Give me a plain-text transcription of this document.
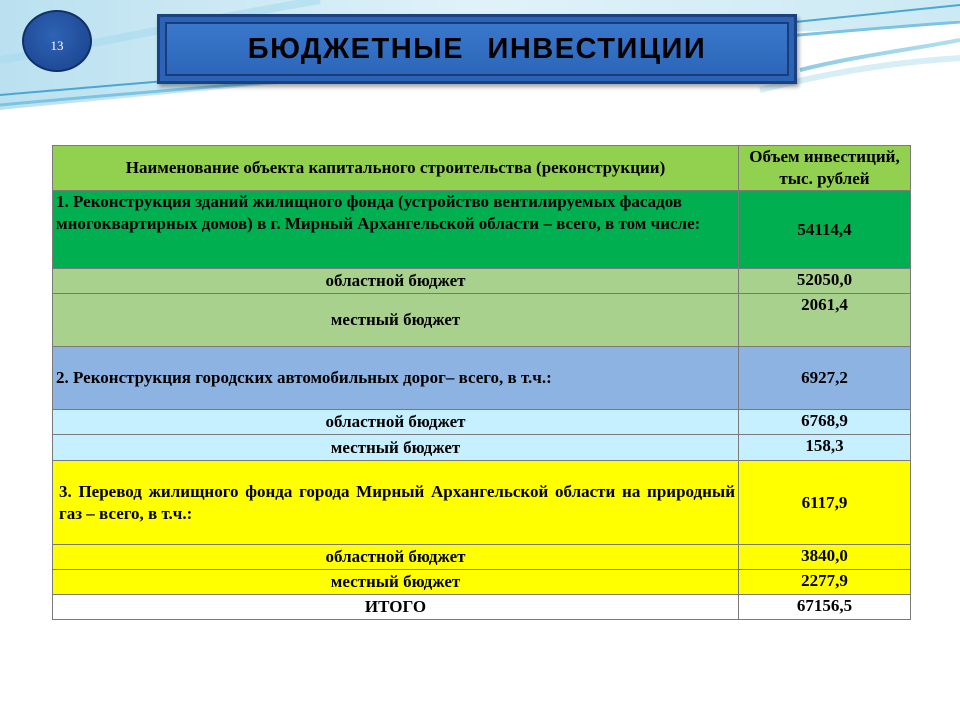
13	БЮДЖЕТНЫЕ ИНВЕСТИЦИИ
Наименование объекта капитального строительства (реконструкции)	Объем инвестиций, тыс. рублей
1. Реконструкция зданий жилищного фонда (устройство вентилируемых фасадов многоквартирных домов) в г. Мирный Архангельской области – всего, в том числе:	54114,4
областной бюджет	52050,0
местный бюджет	2061,4
2. Реконструкция городских автомобильных дорог– всего, в т.ч.:	6927,2
областной бюджет	6768,9
местный бюджет	158,3
3. Перевод жилищного фонда города Мирный Архангельской области на природный газ – всего, в т.ч.:	6117,9
областной бюджет	3840,0
местный бюджет	2277,9
ИТОГО	67156,5
